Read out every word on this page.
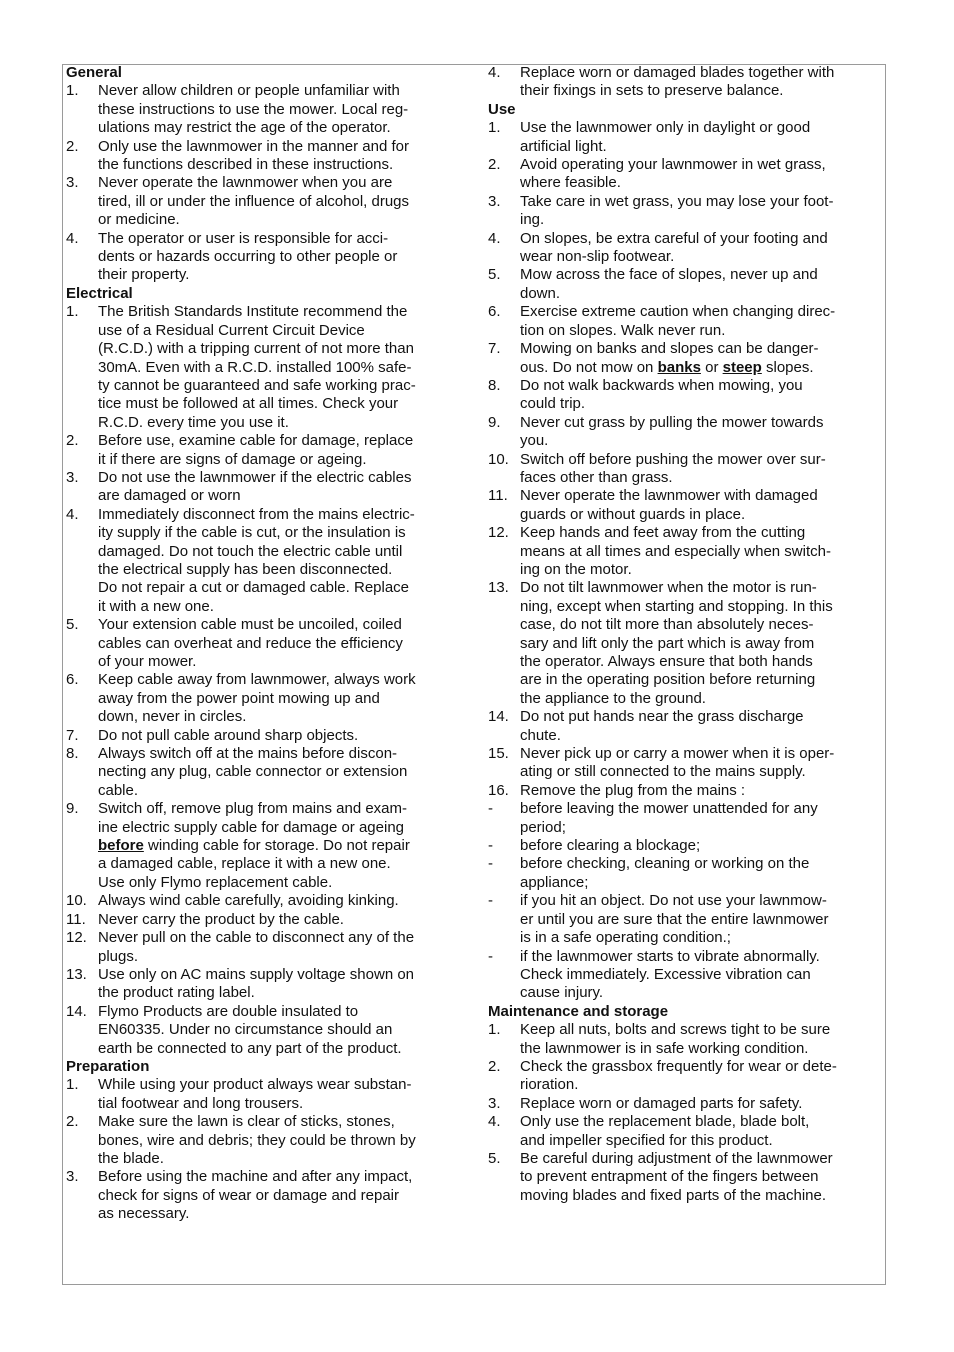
General
1.	Never allow children or people unfamiliar with
these instructions to use the mower. Local reg-
ulations may restrict the age of the operator.
2.	Only use the lawnmower in the manner and for
the functions described in these instructions.
3.	Never operate the lawnmower when you are
tired, ill or under the influence of alcohol, drugs
or medicine.
4.	The operator or user is responsible for acci-
dents or hazards occurring to other people or
their property.
Electrical
1.	The British Standards Institute recommend the
use of a Residual Current Circuit Device
(R.C.D.) with a tripping current of not more than
30mA. Even with a R.C.D. installed 100% safe-
ty cannot be guaranteed and safe working prac-
tice must be followed at all times. Check your
R.C.D. every time you use it.
2.	Before use, examine cable for damage, replace
it if there are signs of damage or ageing.
3.	Do not use the lawnmower if the electric cables
are damaged or worn
4.	Immediately disconnect from the mains electric-
ity supply if the cable is cut, or the insulation is
damaged. Do not touch the electric cable until
the electrical supply has been disconnected.
Do not repair a cut or damaged cable. Replace
it with a new one.
5.	Your extension cable must be uncoiled, coiled
cables can overheat and reduce the efficiency
of your mower.
6.	Keep cable away from lawnmower, always work
away from the power point mowing up and
down, never in circles.
7.	Do not pull cable around sharp objects.
8.	Always switch off at the mains before discon-
necting any plug, cable connector or extension
cable.
9.	Switch off, remove plug from mains and exam-
ine electric supply cable for damage or ageing
before winding cable for storage. Do not repair
a damaged cable, replace it with a new one.
Use only Flymo replacement cable.
10. Always wind cable carefully, avoiding kinking.
11. Never carry the product by the cable.
12. Never pull on the cable to disconnect any of the
plugs.
13. Use only on AC mains supply voltage shown on
the product rating label.
14. Flymo Products are double insulated to
EN60335. Under no circumstance should an
earth be connected to any part of the product.
Preparation
1.	While using your product always wear substan-
tial footwear and long trousers.
2.	Make sure the lawn is clear of sticks, stones,
bones, wire and debris; they could be thrown by
the blade.
3.	Before using the machine and after any impact,
check for signs of wear or damage and repair
as necessary.
4.	Replace worn or damaged blades together with
their fixings in sets to preserve balance.
Use
1.	Use the lawnmower only in daylight or good
artificial light.
2.	Avoid operating your lawnmower in wet grass,
where feasible.
3.	Take care in wet grass, you may lose your foot-
ing.
4.	On slopes, be extra careful of your footing and
wear non-slip footwear.
5.	Mow across the face of slopes, never up and
down.
6.	Exercise extreme caution when changing direc-
tion on slopes. Walk never run.
7.	Mowing on banks and slopes can be danger-
ous. Do not mow on banks or steep slopes.
8.	Do not walk backwards when mowing, you
could trip.
9.	Never cut grass by pulling the mower towards
you.
10. Switch off before pushing the mower over sur-
faces other than grass.
11. Never operate the lawnmower with damaged
guards or without guards in place.
12. Keep hands and feet away from the cutting
means at all times and especially when switch-
ing on the motor.
13. Do not tilt lawnmower when the motor is run-
ning, except when starting and stopping. In this
case, do not tilt more than absolutely neces-
sary and lift only the part which is away from
the operator. Always ensure that both hands
are in the operating position before returning
the appliance to the ground.
14. Do not put hands near the grass discharge
chute.
15. Never pick up or carry a mower when it is oper-
ating or still connected to the mains supply.
16. Remove the plug from the mains :
-	before leaving the mower unattended for any
period;
-	before clearing a blockage;
-	before checking, cleaning or working on the
appliance;
-	if you hit an object. Do not use your lawnmow-
er until you are sure that the entire lawnmower
is in a safe operating condition.;
-	if the lawnmower starts to vibrate abnormally.
Check immediately. Excessive vibration can
cause injury.
Maintenance and storage
1.	Keep all nuts, bolts and screws tight to be sure
the lawnmower is in safe working condition.
2.	Check the grassbox frequently for wear or dete-
rioration.
3.	Replace worn or damaged parts for safety.
4.	Only use the replacement blade, blade bolt,
and impeller specified for this product.
5.	Be careful during adjustment of the lawnmower
to prevent entrapment of the fingers between
moving blades and fixed parts of the machine.
